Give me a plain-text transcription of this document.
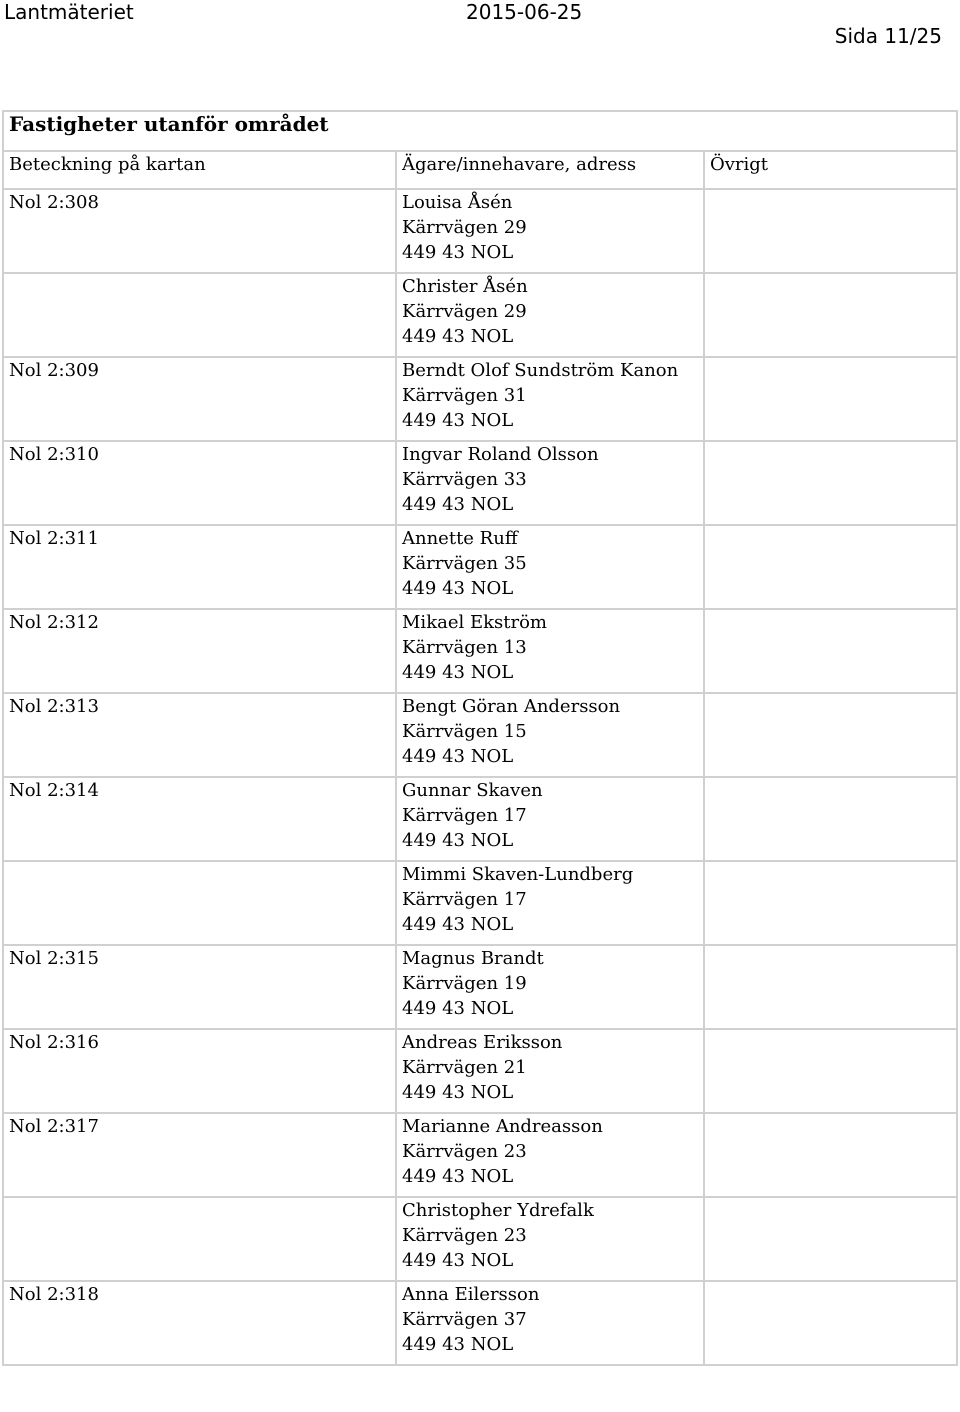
Lantmäteriet	2015-06-25
Sida 11/25
Fastigheter utanför området		
Beteckning på kartan	Ägare/innehavare, adress	Övrigt
Nol 2:308	Louisa Åsén
Kärrvägen 29
449 43 NOL	

	Christer Åsén
Kärrvägen 29
449 43 NOL	

Nol 2:309	Berndt Olof Sundström Kanon
Kärrvägen 31
449 43 NOL	

Nol 2:310	Ingvar Roland Olsson
Kärrvägen 33
449 43 NOL	

Nol 2:311	Annette Ruff
Kärrvägen 35
449 43 NOL	

Nol 2:312	Mikael Ekström
Kärrvägen 13
449 43 NOL	

Nol 2:313	Bengt Göran Andersson
Kärrvägen 15
449 43 NOL	

Nol 2:314	Gunnar Skaven
Kärrvägen 17
449 43 NOL	

	Mimmi Skaven-Lundberg
Kärrvägen 17
449 43 NOL	

Nol 2:315	Magnus Brandt
Kärrvägen 19
449 43 NOL	

Nol 2:316	Andreas Eriksson
Kärrvägen 21
449 43 NOL	

Nol 2:317	Marianne Andreasson
Kärrvägen 23
449 43 NOL	

	Christopher Ydrefalk
Kärrvägen 23
449 43 NOL	

Nol 2:318	Anna Eilersson
Kärrvägen 37
449 43 NOL	
